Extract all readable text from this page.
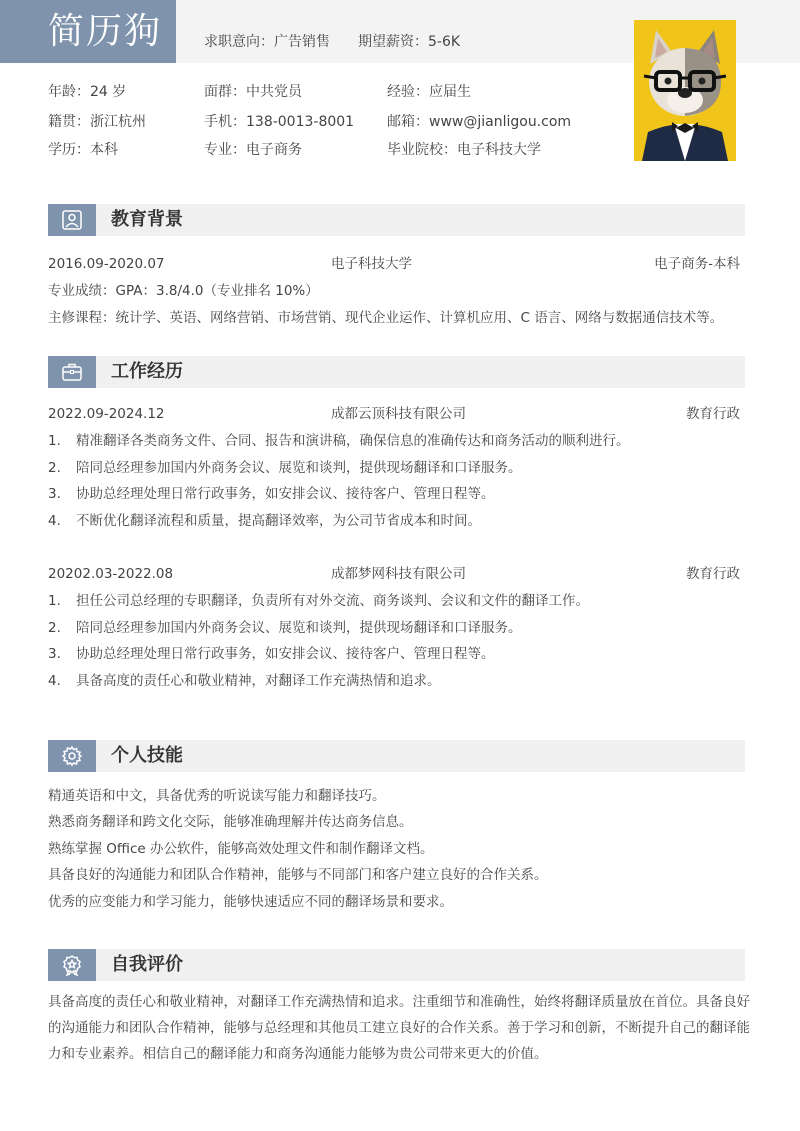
简历狗	求职意向：广告销售 期望薪资：5-6K
年龄：24 岁	面群：中共党员	经验：应届生
籍贯：浙江杭州	手机：138-0013-8001 邮箱：www@jianligou.com
学历：本科	专业：电子商务	毕业院校：电子科技大学
教育背景
2016.09-2020.07	电子科技大学	电子商务-本科
专业成绩：GPA：3.8/4.0（专业排名 10%）
主修课程：统计学、英语、网络营销、市场营销、现代企业运作、计算机应用、C 语言、网络与数据通信技术等。
工作经历
2022.09-2024.12	成都云顶科技有限公司	教育行政
1. 精准翻译各类商务文件、合同、报告和演讲稿，确保信息的准确传达和商务活动的顺利进行。
2. 陪同总经理参加国内外商务会议、展览和谈判，提供现场翻译和口译服务。
3. 协助总经理处理日常行政事务，如安排会议、接待客户、管理日程等。
4. 不断优化翻译流程和质量，提高翻译效率，为公司节省成本和时间。
20202.03-2022.08	成都梦网科技有限公司	教育行政
1. 担任公司总经理的专职翻译，负责所有对外交流、商务谈判、会议和文件的翻译工作。
2. 陪同总经理参加国内外商务会议、展览和谈判，提供现场翻译和口译服务。
3. 协助总经理处理日常行政事务，如安排会议、接待客户、管理日程等。
4. 具备高度的责任心和敬业精神，对翻译工作充满热情和追求。
个人技能
精通英语和中文，具备优秀的听说读写能力和翻译技巧。
熟悉商务翻译和跨文化交际，能够准确理解并传达商务信息。
熟练掌握 Office 办公软件，能够高效处理文件和制作翻译文档。
具备良好的沟通能力和团队合作精神，能够与不同部门和客户建立良好的合作关系。
优秀的应变能力和学习能力，能够快速适应不同的翻译场景和要求。
自我评价
具备高度的责任心和敬业精神，对翻译工作充满热情和追求。注重细节和准确性，始终将翻译质量放在首位。具备良好的沟通能力和团队合作精神，能够与总经理和其他员工建立良好的合作关系。善于学习和创新，不断提升自己的翻译能力和专业素养。相信自己的翻译能力和商务沟通能力能够为贵公司带来更大的价值。
